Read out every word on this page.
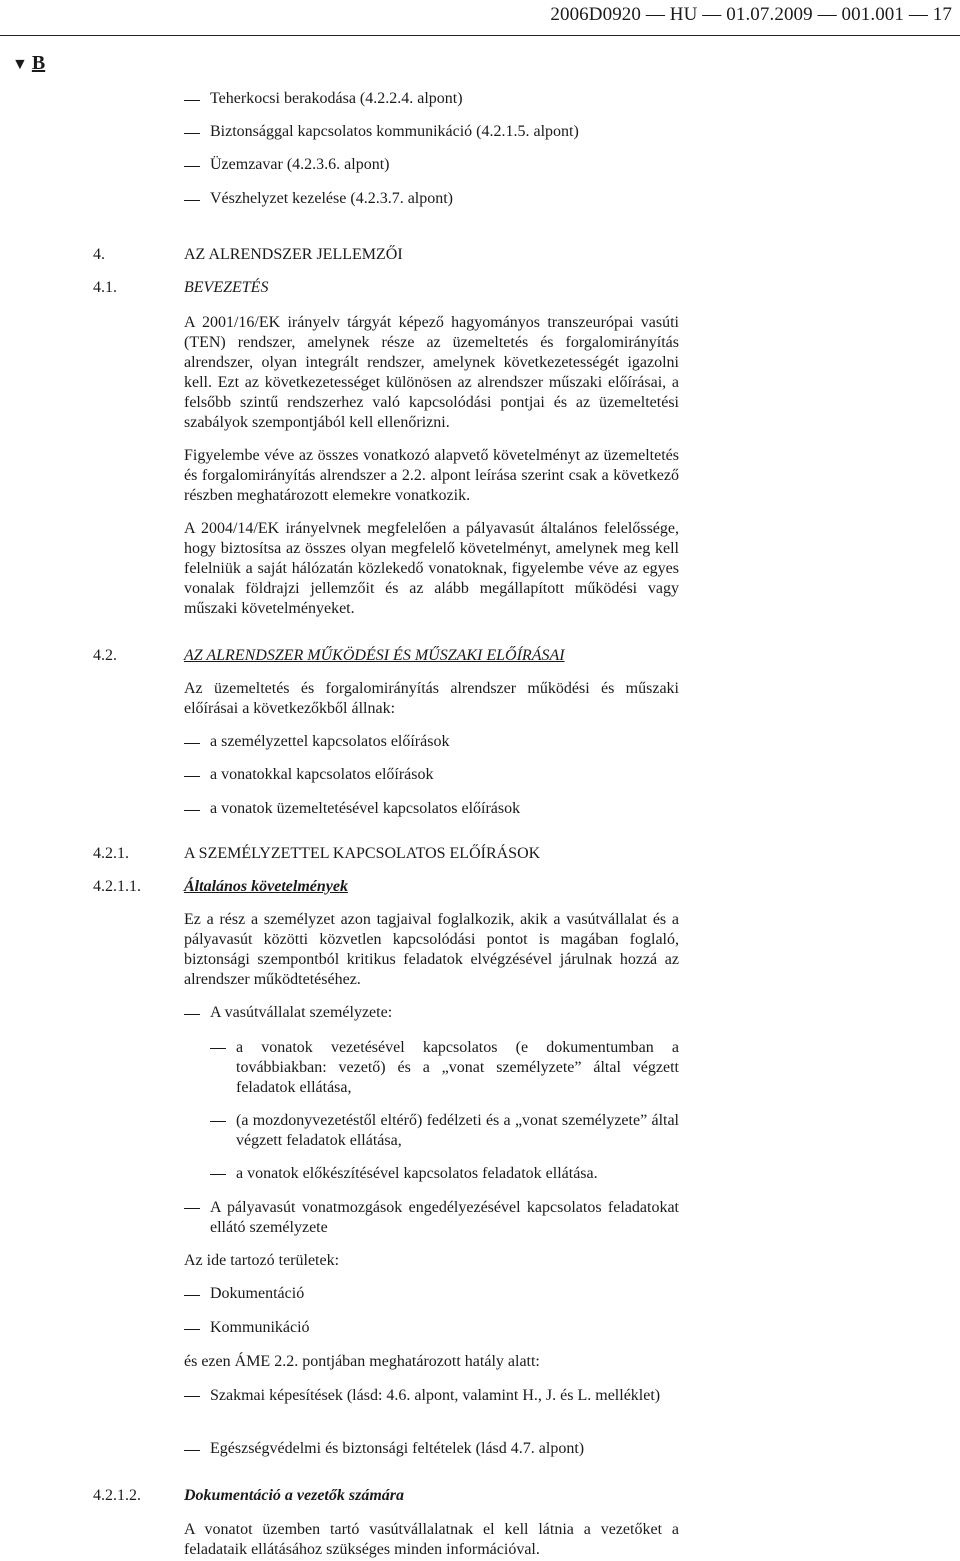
2006D0920 — HU — 01.07.2009 — 001.001 — 17
▼ B
Teherkocsi berakodása (4.2.2.4. alpont)
Biztonsággal kapcsolatos kommunikáció (4.2.1.5. alpont)
Üzemzavar (4.2.3.6. alpont)
Vészhelyzet kezelése (4.2.3.7. alpont)
4.	AZ ALRENDSZER JELLEMZŐI
4.1.	BEVEZETÉS
A 2001/16/EK irányelv tárgyát képező hagyományos transzeurópai vasúti (TEN) rendszer, amelynek része az üzemeltetés és forgalomirányítás alrendszer, olyan integrált rendszer, amelynek következetességét igazolni kell. Ezt az következetességet különösen az alrendszer műszaki előírásai, a felsőbb szintű rendszerhez való kapcsolódási pontjai és az üzemeltetési szabályok szempontjából kell ellenőrizni.
Figyelembe véve az összes vonatkozó alapvető követelményt az üzemeltetés és forgalomirányítás alrendszer a 2.2. alpont leírása szerint csak a következő részben meghatározott elemekre vonatkozik.
A 2004/14/EK irányelvnek megfelelően a pályavasút általános felelőssége, hogy biztosítsa az összes olyan megfelelő követelményt, amelynek meg kell felelniük a saját hálózatán közlekedő vonatoknak, figyelembe véve az egyes vonalak földrajzi jellemzőit és az alább megállapított működési vagy műszaki követelményeket.
4.2.	AZ ALRENDSZER MŰKÖDÉSI ÉS MŰSZAKI ELŐÍRÁSAI
Az üzemeltetés és forgalomirányítás alrendszer működési és műszaki előírásai a következőkből állnak:
a személyzettel kapcsolatos előírások
a vonatokkal kapcsolatos előírások
a vonatok üzemeltetésével kapcsolatos előírások
4.2.1.	A SZEMÉLYZETTEL KAPCSOLATOS ELŐÍRÁSOK
4.2.1.1.	Általános követelmények
Ez a rész a személyzet azon tagjaival foglalkozik, akik a vasútvállalat és a pályavasút közötti közvetlen kapcsolódási pontot is magában foglaló, biztonsági szempontból kritikus feladatok elvégzésével járulnak hozzá az alrendszer működtetéséhez.
A vasútvállalat személyzete:
a vonatok vezetésével kapcsolatos (e dokumentumban a továbbiakban: vezető) és a „vonat személyzete” által végzett feladatok ellátása,
(a mozdonyvezetéstől eltérő) fedélzeti és a „vonat személyzete” által végzett feladatok ellátása,
a vonatok előkészítésével kapcsolatos feladatok ellátása.
A pályavasút vonatmozgások engedélyezésével kapcsolatos feladatokat ellátó személyzete
Az ide tartozó területek:
Dokumentáció
Kommunikáció
és ezen ÁME 2.2. pontjában meghatározott hatály alatt:
Szakmai képesítések (lásd: 4.6. alpont, valamint H., J. és L. melléklet)
Egészségvédelmi és biztonsági feltételek (lásd 4.7. alpont)
4.2.1.2.	Dokumentáció a vezetők számára
A vonatot üzemben tartó vasútvállalatnak el kell látnia a vezetőket a feladataik ellátásához szükséges minden információval.
